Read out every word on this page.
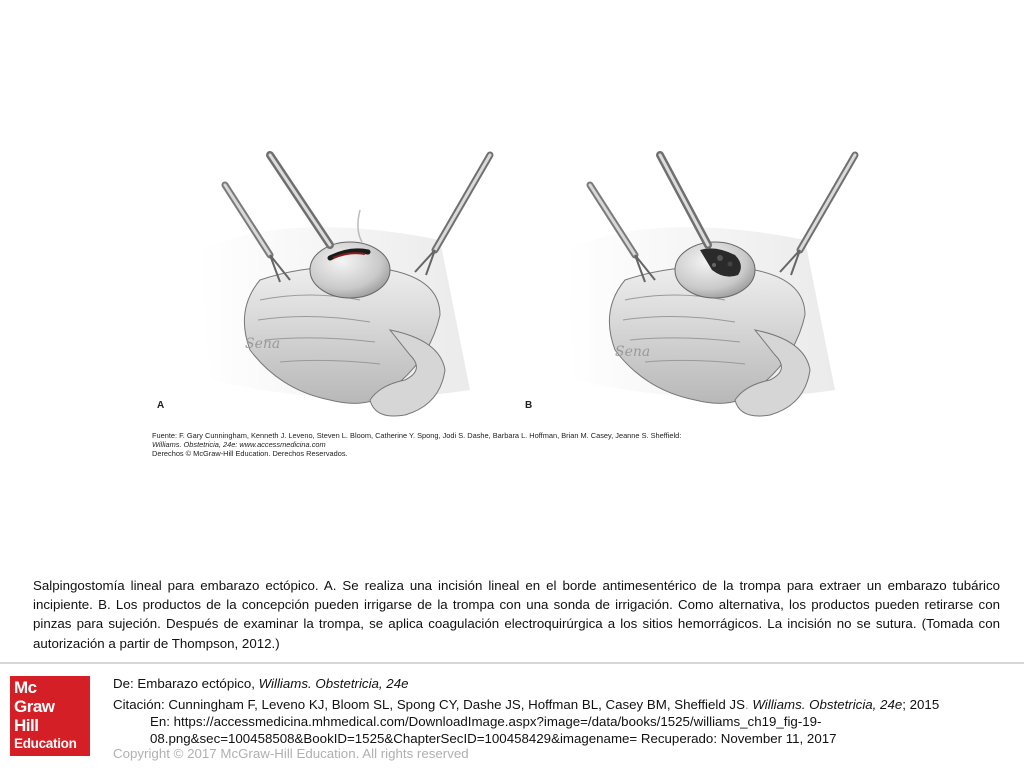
Sena	Sena
A	B
Fuente: F. Gary Cunningham, Kenneth J. Leveno, Steven L. Bloom, Catherine Y. Spong, Jodi S. Dashe, Barbara L. Hoffman, Brian M. Casey, Jeanne S. Sheffield:
Williams. Obstetricia, 24e: www.accessmedicina.com
Derechos © McGraw-Hill Education. Derechos Reservados.
Salpingostomía lineal para embarazo ectópico. A. Se realiza una incisión lineal en el borde antimesentérico de la trompa para extraer un embarazo tubárico incipiente. B. Los productos de la concepción pueden irrigarse de la trompa con una sonda de irrigación. Como alternativa, los productos pueden retirarse con pinzas para sujeción. Después de examinar la trompa, se aplica coagulación electroquirúrgica a los sitios hemorrágicos. La incisión no se sutura. (Tomada con autorización a partir de Thompson, 2012.)
Mc
Graw
Hill
Education
De: Embarazo ectópico, Williams. Obstetricia, 24e
Citación: Cunningham F, Leveno KJ, Bloom SL, Spong CY, Dashe JS, Hoffman BL, Casey BM, Sheffield JS. Williams. Obstetricia, 24e; 2015
En: https://accessmedicina.mhmedical.com/DownloadImage.aspx?image=/data/books/1525/williams_ch19_fig-19-
08.png&sec=100458508&BookID=1525&ChapterSecID=100458429&imagename= Recuperado: November 11, 2017
Copyright © 2017 McGraw-Hill Education. All rights reserved
